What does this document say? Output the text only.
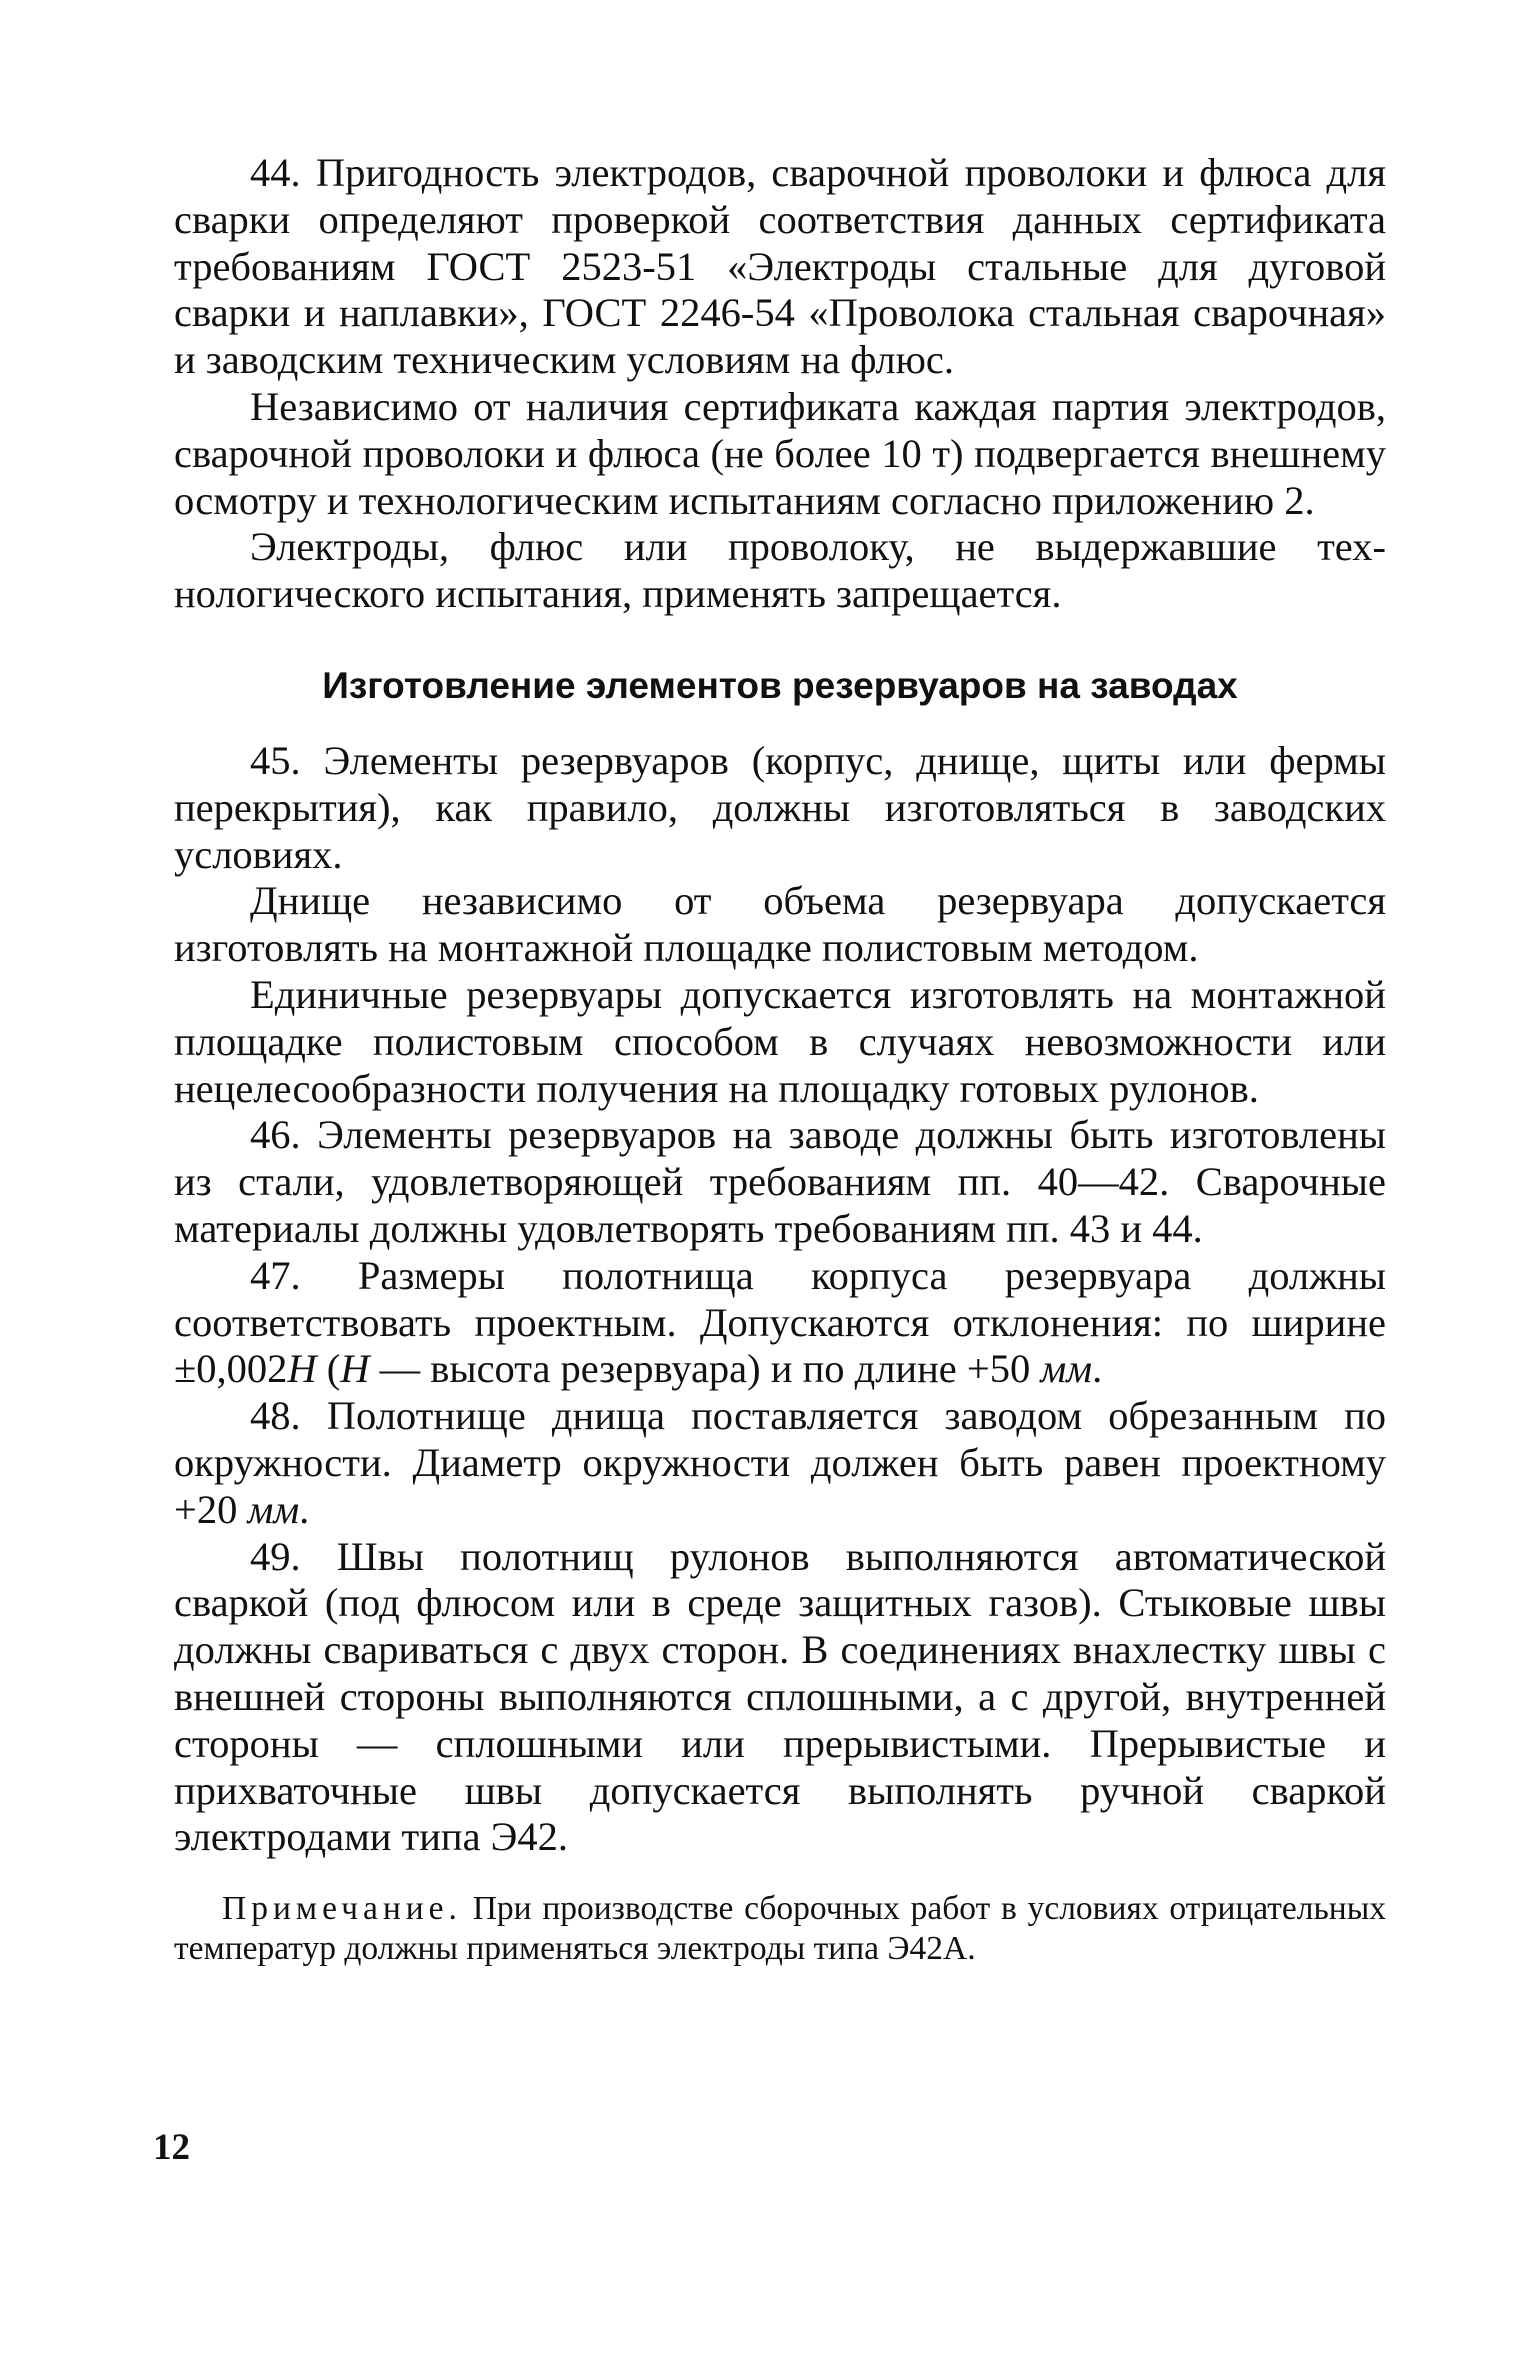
44. Пригодность электродов, сварочной проволоки и флюса для сварки определяют проверкой соответствия данных сертификата требованиям ГОСТ 2523-51 «Электроды стальные для дуговой сварки и наплавки», ГОСТ 2246-54 «Проволока стальная сварочная» и заводским техническим условиям на флюс.

Независимо от наличия сертификата каждая партия электродов, сварочной проволоки и флюса (не более 10 т) подвергается внешнему осмотру и технологическим испытаниям согласно приложению 2.

Электроды, флюс или проволоку, не выдержавшие технологического испытания, применять запрещается.

Изготовление элементов резервуаров на заводах

45. Элементы резервуаров (корпус, днище, щиты или фермы перекрытия), как правило, должны изготовляться в заводских условиях.

Днище независимо от объема резервуара допускается изготовлять на монтажной площадке полистовым методом.

Единичные резервуары допускается изготовлять на монтажной площадке полистовым способом в случаях невозможности или нецелесообразности получения на площадку готовых рулонов.

46. Элементы резервуаров на заводе должны быть изготовлены из стали, удовлетворяющей требованиям пп. 40—42. Сварочные материалы должны удовлетворять требованиям пп. 43 и 44.

47. Размеры полотнища корпуса резервуара должны соответствовать проектным. Допускаются отклонения: по ширине ±0,002H (H — высота резервуара) и по длине +50 мм.

48. Полотнище днища поставляется заводом обрезанным по окружности. Диаметр окружности должен быть равен проектному +20 мм.

49. Швы полотнищ рулонов выполняются автоматической сваркой (под флюсом или в среде защитных газов). Стыковые швы должны свариваться с двух сторон. В соединениях внахлестку швы с внешней стороны выполняются сплошными, а с другой, внутренней стороны — сплошными или прерывистыми. Прерывистые и прихваточные швы допускается выполнять ручной сваркой электродами типа Э42.

Примечание. При производстве сборочных работ в условиях отрицательных температур должны применяться электроды типа Э42А.

12
